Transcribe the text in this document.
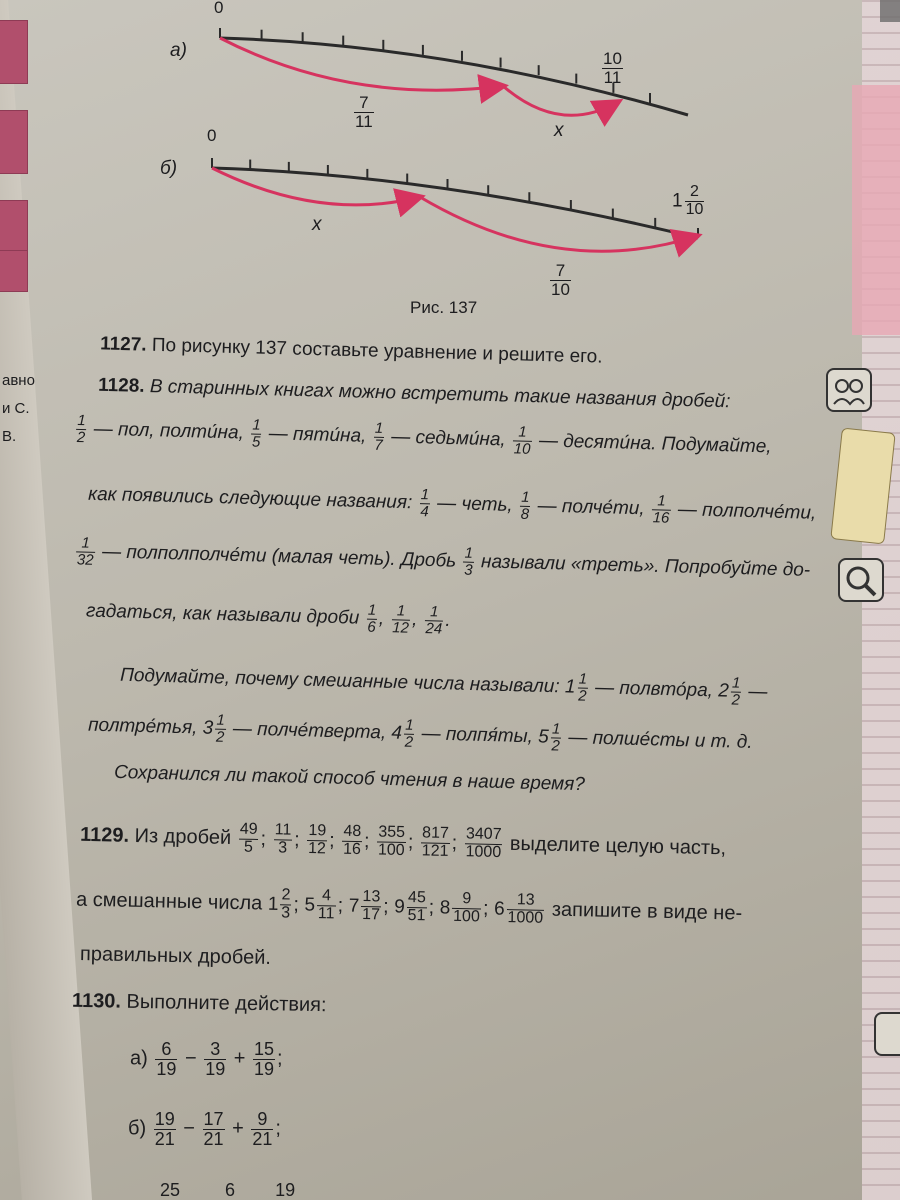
авно
и С.
В.
а)
0
$\frac{7}{11}$	x
$\frac{10}{11}$
б)
0
x
$\frac{7}{10}$
$1 \frac{2}{10}$
Рис. 137
1127. По рисунку 137 составьте уравнение и решите его.
1128. В старинных книгах можно встретить такие названия дробей:
$\frac{1}{2}$ — пол, полти́на, $\frac{1}{5}$ — пяти́на, $\frac{1}{7}$ — седьми́на, $\frac{1}{10}$ — десяти́на. Подумайте,
как появились следующие названия: $\frac{1}{4}$ — четь, $\frac{1}{8}$ — полче́ти, $\frac{1}{16}$ — полполче́ти,
$\frac{1}{32}$ — полполполче́ти (малая четь). Дробь $\frac{1}{3}$ называли «треть». Попробуйте до-
гадаться, как называли дроби $\frac{1}{6}$ , $\frac{1}{12}$ , $\frac{1}{24}$ .
Подумайте, почему смешанные числа называли: $1 \frac{1}{2}$ — полвто́ра, $2 \frac{1}{2}$ —
полтре́тья, $3 \frac{1}{2}$ — полче́тверта, $4 \frac{1}{2}$ — полпя́ты, $5 \frac{1}{2}$ — полше́сты и т. д.
Сохранился ли такой способ чтения в наше время?
1129. Из дробей $\frac{49}{5}$ ; $\frac{11}{3}$ ; $\frac{19}{12}$ ; $\frac{48}{16}$ ; $\frac{355}{100}$ ; $\frac{817}{121}$ ; $\frac{3407}{1000}$ выделите целую часть,
а смешанные числа $1 \frac{2}{3}$ ; $5 \frac{4}{11}$ ; $7 \frac{13}{17}$ ; $9 \frac{45}{51}$ ; $8 \frac{9}{100}$ ; $6 \frac{13}{1000}$ запишите в виде не-
правильных дробей.
1130. Выполните действия:
$а) \frac{6}{19} - \frac{3}{19} + \frac{15}{19}$ ;
$б) \frac{19}{21} - \frac{17}{21} + \frac{9}{21}$ ;
25	6 19
